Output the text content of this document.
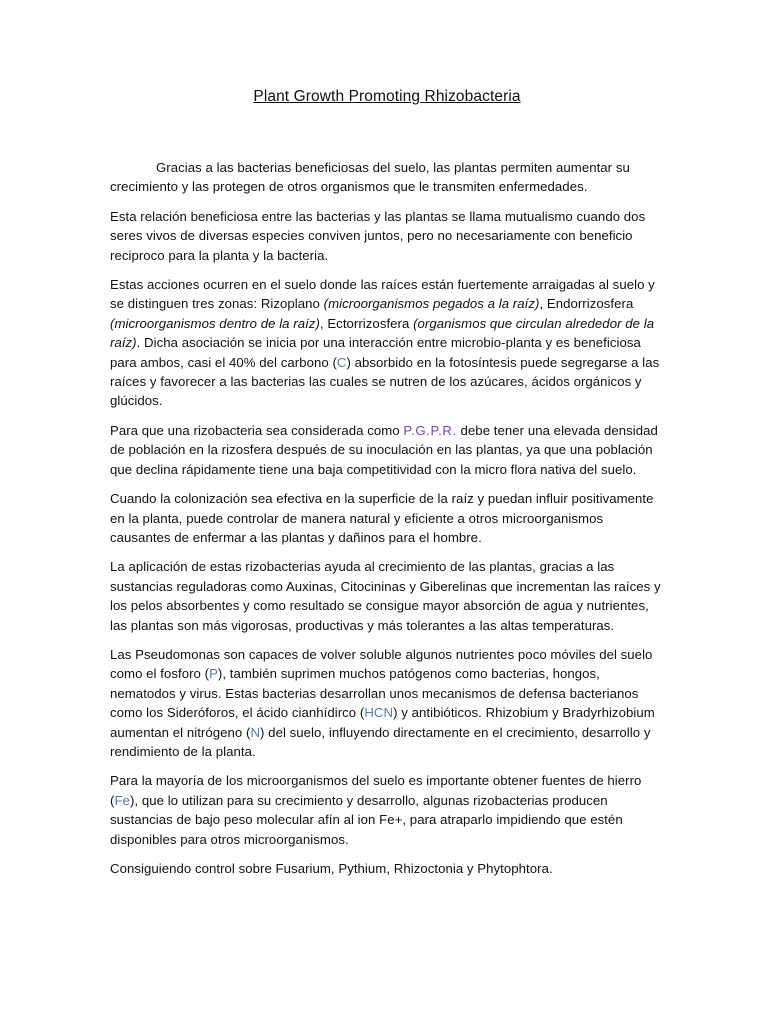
Plant Growth Promoting Rhizobacteria

Gracias a las bacterias beneficiosas del suelo, las plantas permiten aumentar su crecimiento y las protegen de otros organismos que le transmiten enfermedades.

Esta relación beneficiosa entre las bacterias y las plantas se llama mutualismo cuando dos seres vivos de diversas especies conviven juntos, pero no necesariamente con beneficio reciproco para la planta y la bacteria.

Estas acciones ocurren en el suelo donde las raíces están fuertemente arraigadas al suelo y se distinguen tres zonas: Rizoplano (microorganismos pegados a la raíz), Endorrizosfera (microorganismos dentro de la raíz), Ectorrizosfera (organismos que circulan alrededor de la raíz). Dicha asociación se inicia por una interacción entre microbio-planta y es beneficiosa para ambos, casi el 40% del carbono (C) absorbido en la fotosíntesis puede segregarse a las raíces y favorecer a las bacterias las cuales se nutren de los azúcares, ácidos orgánicos y glúcidos.

Para que una rizobacteria sea considerada como P.G.P.R. debe tener una elevada densidad de población en la rizosfera después de su inoculación en las plantas, ya que una población que declina rápidamente tiene una baja competitividad con la micro flora nativa del suelo.

Cuando la colonización sea efectiva en la superficie de la raíz y puedan influir positivamente en la planta, puede controlar de manera natural y eficiente a otros microorganismos causantes de enfermar a las plantas y dañinos para el hombre.

La aplicación de estas rizobacterias ayuda al crecimiento de las plantas, gracias a las sustancias reguladoras como Auxinas, Citocininas y Giberelinas que incrementan las raíces y los pelos absorbentes y como resultado se consigue mayor absorción de agua y nutrientes, las plantas son más vigorosas, productivas y más tolerantes a las altas temperaturas.

Las Pseudomonas son capaces de volver soluble algunos nutrientes poco móviles del suelo como el fosforo (P), también suprimen muchos patógenos como bacterias, hongos, nematodos y virus. Estas bacterias desarrollan unos mecanismos de defensa bacterianos como los Sideróforos, el ácido cianhídirco (HCN) y antibióticos. Rhizobium y Bradyrhizobium aumentan el nitrógeno (N) del suelo, influyendo directamente en el crecimiento, desarrollo y rendimiento de la planta.

Para la mayoría de los microorganismos del suelo es importante obtener fuentes de hierro (Fe), que lo utilizan para su crecimiento y desarrollo, algunas rizobacterias producen sustancias de bajo peso molecular afín al ion Fe+, para atraparlo impidiendo que estén disponibles para otros microorganismos.

Consiguiendo control sobre Fusarium, Pythium, Rhizoctonia y Phytophtora.
